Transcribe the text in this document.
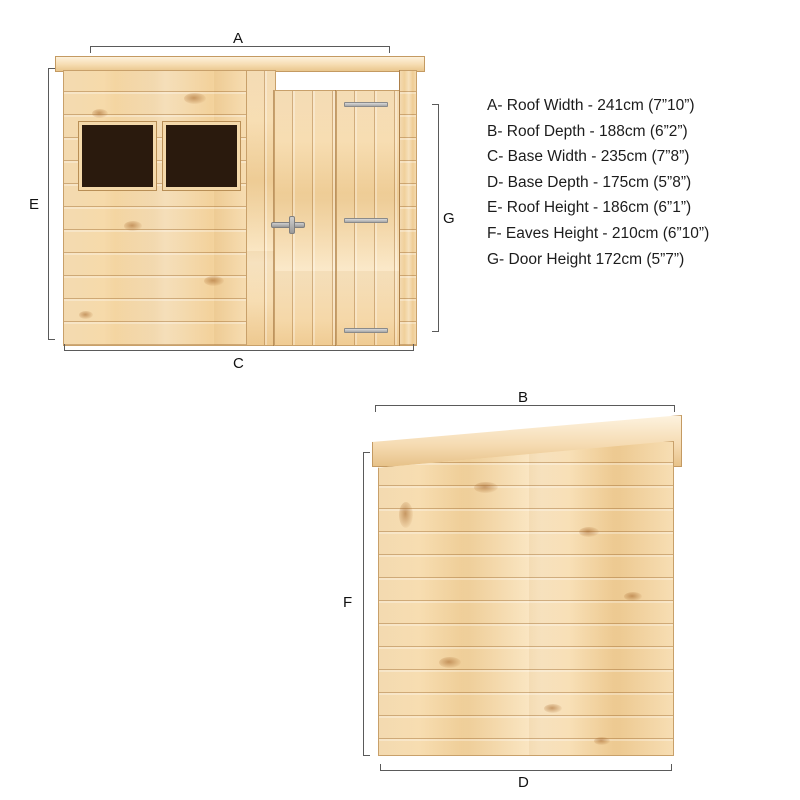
A
E
G
C
A- Roof Width - 241cm (7”10”)
B- Roof Depth - 188cm (6”2”)
C- Base Width - 235cm (7”8”)
D- Base Depth - 175cm (5”8”)
E- Roof Height - 186cm (6”1”)
F- Eaves Height - 210cm (6”10”)
G- Door Height 172cm (5”7”)
B
F
D
